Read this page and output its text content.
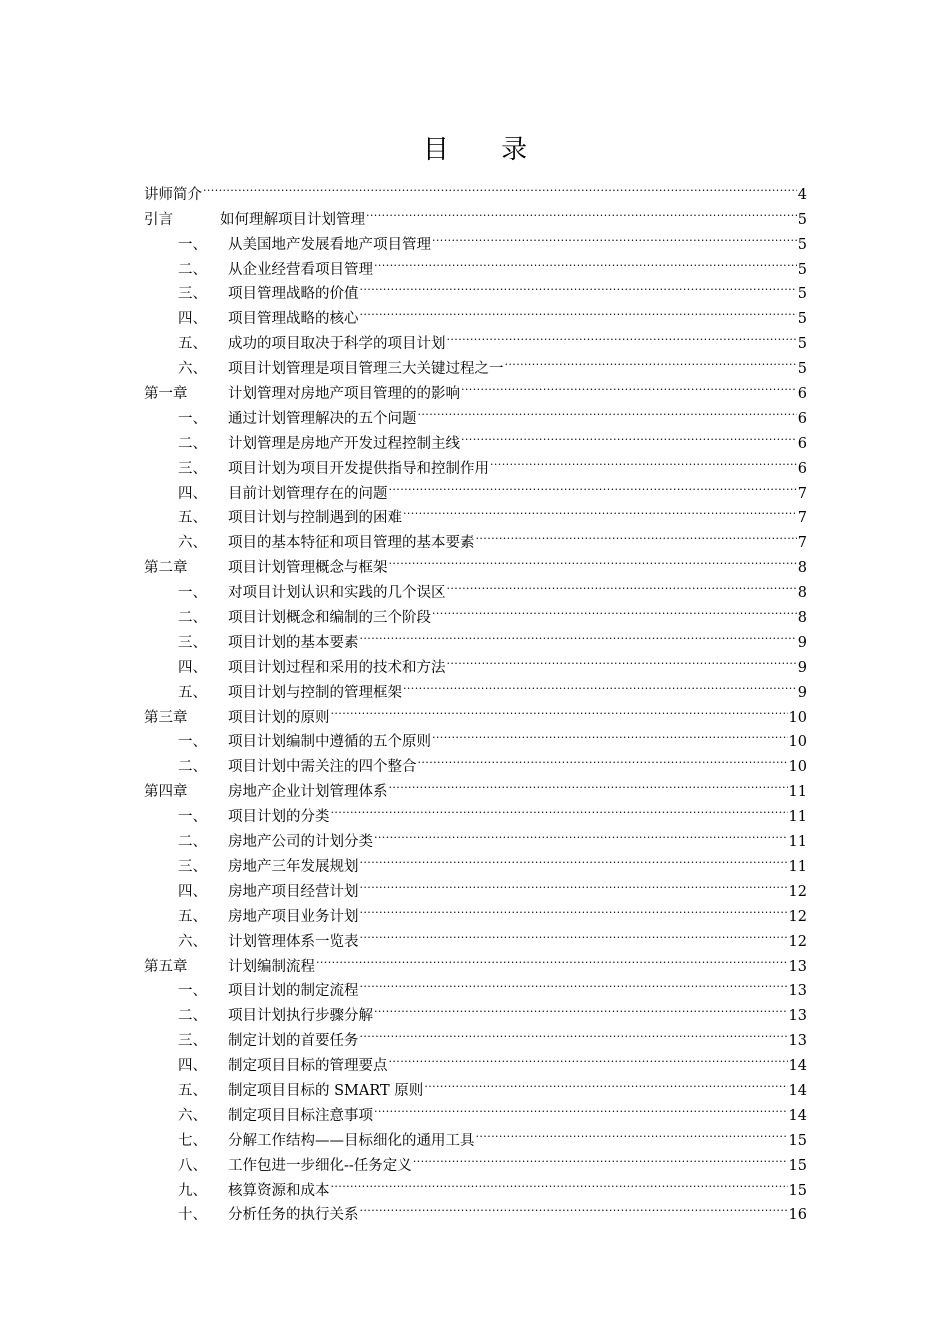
目 录
讲师简介 .....	4
引言	如何理解项目计划管理 .....	5
一、	从美国地产发展看地产项目管理 .....	5
二、	从企业经营看项目管理 .....	5
三、	项目管理战略的价值 .....	5
四、	项目管理战略的核心 .....	5
五、	成功的项目取决于科学的项目计划 .....	5
六、	项目计划管理是项目管理三大关键过程之一 .....	5
第一章	计划管理对房地产项目管理的的影响 .....	6
一、	通过计划管理解决的五个问题 .....	6
二、	计划管理是房地产开发过程控制主线 .....	6
三、	项目计划为项目开发提供指导和控制作用 .....	6
四、	目前计划管理存在的问题 .....	7
五、	项目计划与控制遇到的困难 .....	7
六、	项目的基本特征和项目管理的基本要素 .....	7
第二章	项目计划管理概念与框架 .....	8
一、	对项目计划认识和实践的几个误区 .....	8
二、	项目计划概念和编制的三个阶段 .....	8
三、	项目计划的基本要素 .....	9
四、	项目计划过程和采用的技术和方法 .....	9
五、	项目计划与控制的管理框架 .....	9
第三章	项目计划的原则 .....	10
一、	项目计划编制中遵循的五个原则 .....	10
二、	项目计划中需关注的四个整合 .....	10
第四章	房地产企业计划管理体系 .....	11
一、	项目计划的分类 .....	11
二、	房地产公司的计划分类 .....	11
三、	房地产三年发展规划 .....	11
四、	房地产项目经营计划 .....	12
五、	房地产项目业务计划 .....	12
六、	计划管理体系一览表 .....	12
第五章	计划编制流程 .....	13
一、	项目计划的制定流程 .....	13
二、	项目计划执行步骤分解 .....	13
三、	制定计划的首要任务 .....	13
四、	制定项目目标的管理要点 .....	14
五、	制定项目目标的 SMART 原则 .....	14
六、	制定项目目标注意事项 .....	14
七、	分解工作结构——目标细化的通用工具 .....	15
八、	工作包进一步细化--任务定义 .....	15
九、	核算资源和成本 .....	15
十、	分析任务的执行关系 .....	16
